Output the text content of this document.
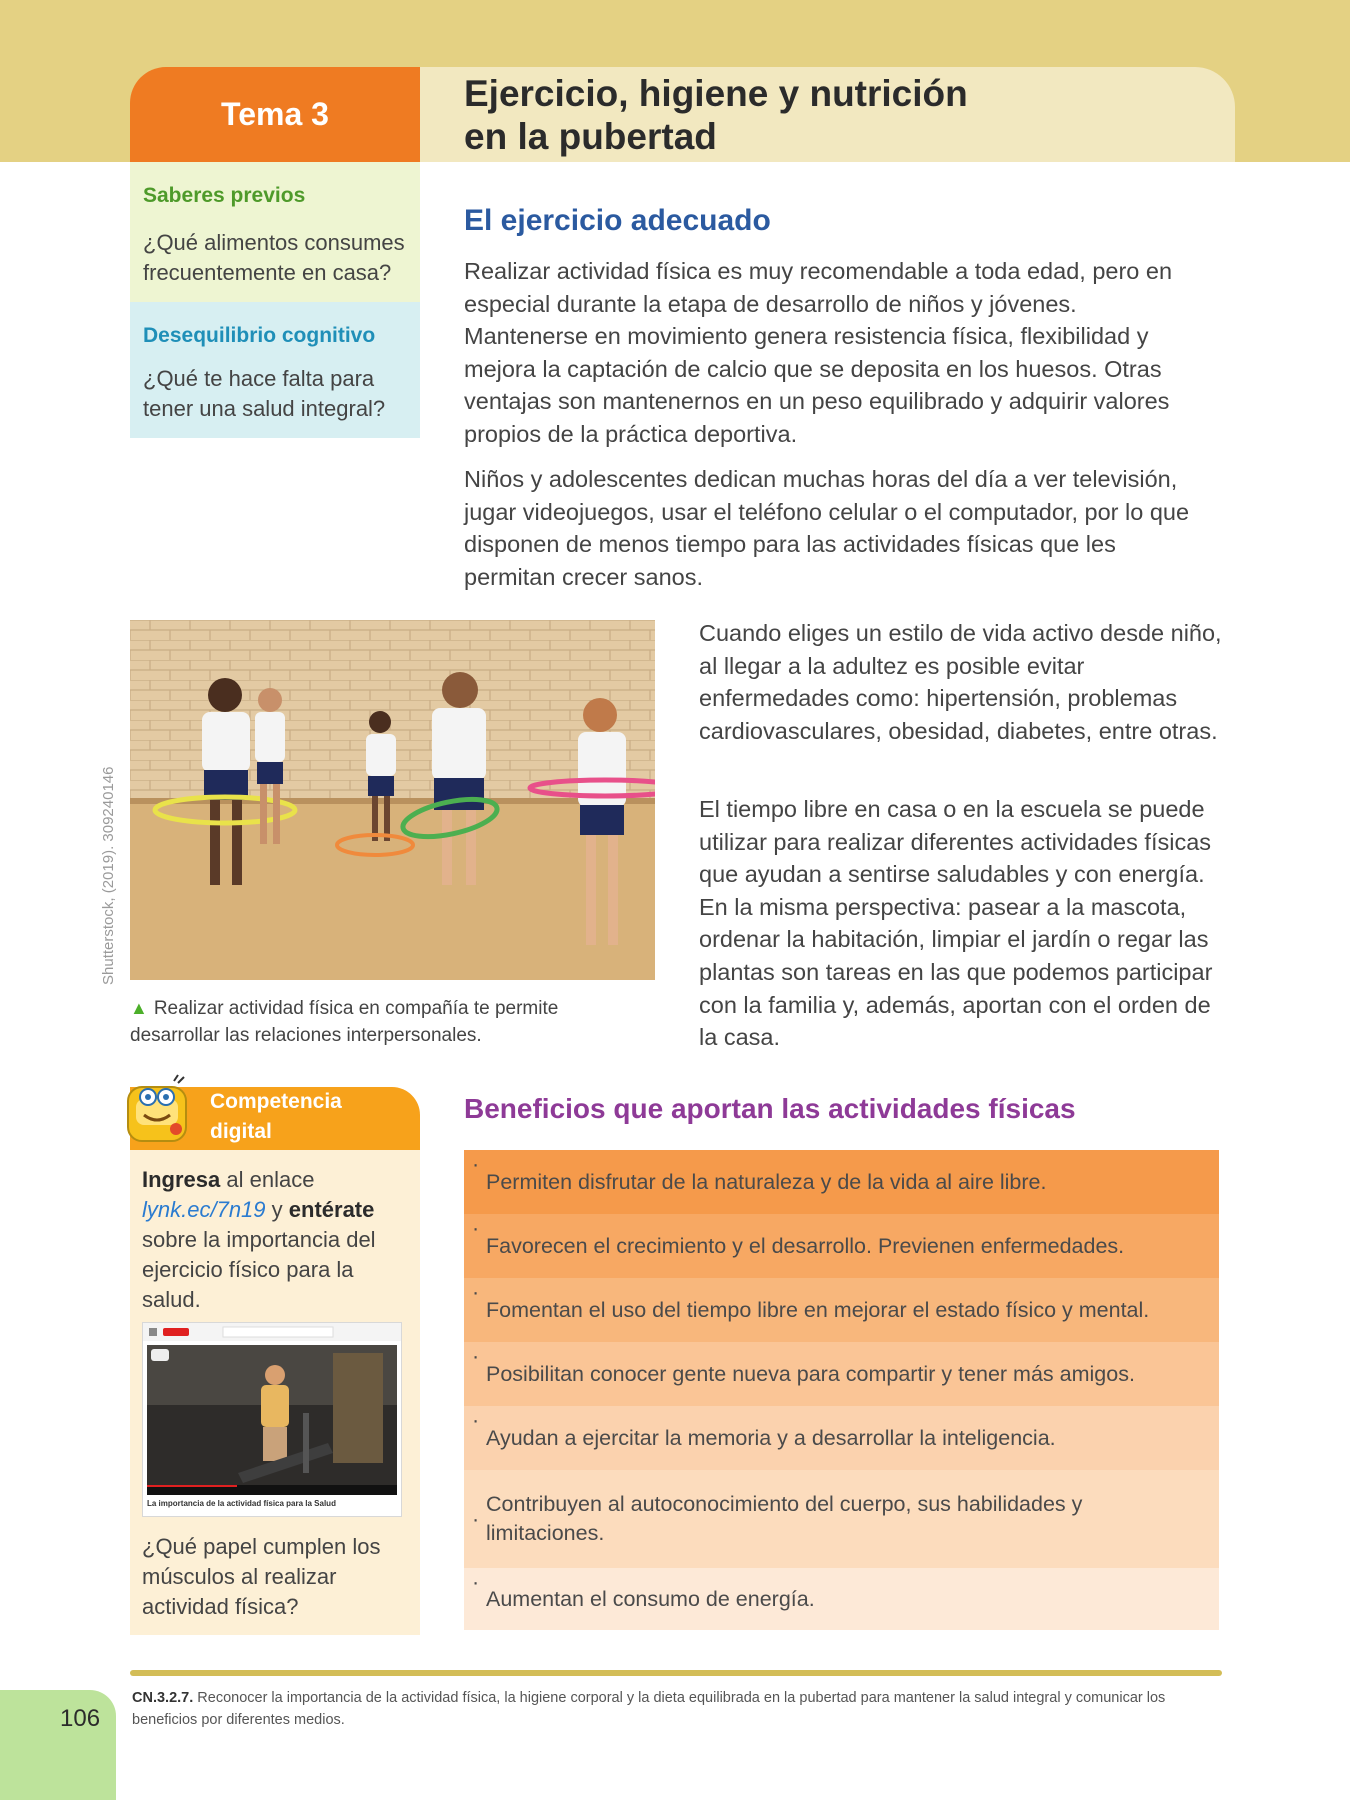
Tema 3	Ejercicio, higiene y nutrición
en la pubertad
Saberes previos
¿Qué alimentos consumes frecuentemente en casa?
Desequilibrio cognitivo
¿Qué te hace falta para tener una salud integral?
El ejercicio adecuado

Realizar actividad física es muy recomendable a toda edad, pero en especial durante la etapa de desarrollo de niños y jóvenes. Mantenerse en movimiento genera resistencia física, flexibilidad y mejora la captación de calcio que se deposita en los huesos. Otras ventajas son mantenernos en un peso equilibrado y adquirir valores propios de la práctica deportiva.

Niños y adolescentes dedican muchas horas del día a ver televisión, jugar videojuegos, usar el teléfono celular o el computador, por lo que disponen de menos tiempo para las actividades físicas que les permitan crecer sanos.

Cuando eliges un estilo de vida activo desde niño, al llegar a la adultez es posible evitar enfermedades como: hipertensión, problemas cardiovasculares, obesidad, diabetes, entre otras.

El tiempo libre en casa o en la escuela se puede utilizar para realizar diferentes actividades físicas que ayudan a sentirse saludables y con energía. En la misma perspectiva: pasear a la mascota, ordenar la habitación, limpiar el jardín o regar las plantas son tareas en las que podemos participar con la familia y, además, aportan con el orden de la casa.

Shutterstock, (2019). 309240146
▲ Realizar actividad física en compañía te permite desarrollar las relaciones interpersonales.
Competencia
digital
Ingresa al enlace lynk.ec/7n19 y entérate sobre la importancia del ejercicio físico para la salud.
La importancia de la actividad física para la Salud
¿Qué papel cumplen los músculos al realizar actividad física?
Beneficios que aportan las actividades físicas
·
Permiten disfrutar de la naturaleza y de la vida al aire libre.
·
Favorecen el crecimiento y el desarrollo. Previenen enfermedades.
·
Fomentan el uso del tiempo libre en mejorar el estado físico y mental.
·
Posibilitan conocer gente nueva para compartir y tener más amigos.
·
Ayudan a ejercitar la memoria y a desarrollar la inteligencia.
·
Contribuyen al autoconocimiento del cuerpo, sus habilidades y limitaciones.
·
Aumentan el consumo de energía.
CN.3.2.7. Reconocer la importancia de la actividad física, la higiene corporal y la dieta equilibrada en la pubertad para mantener la salud integral y comunicar los beneficios por diferentes medios.
106
